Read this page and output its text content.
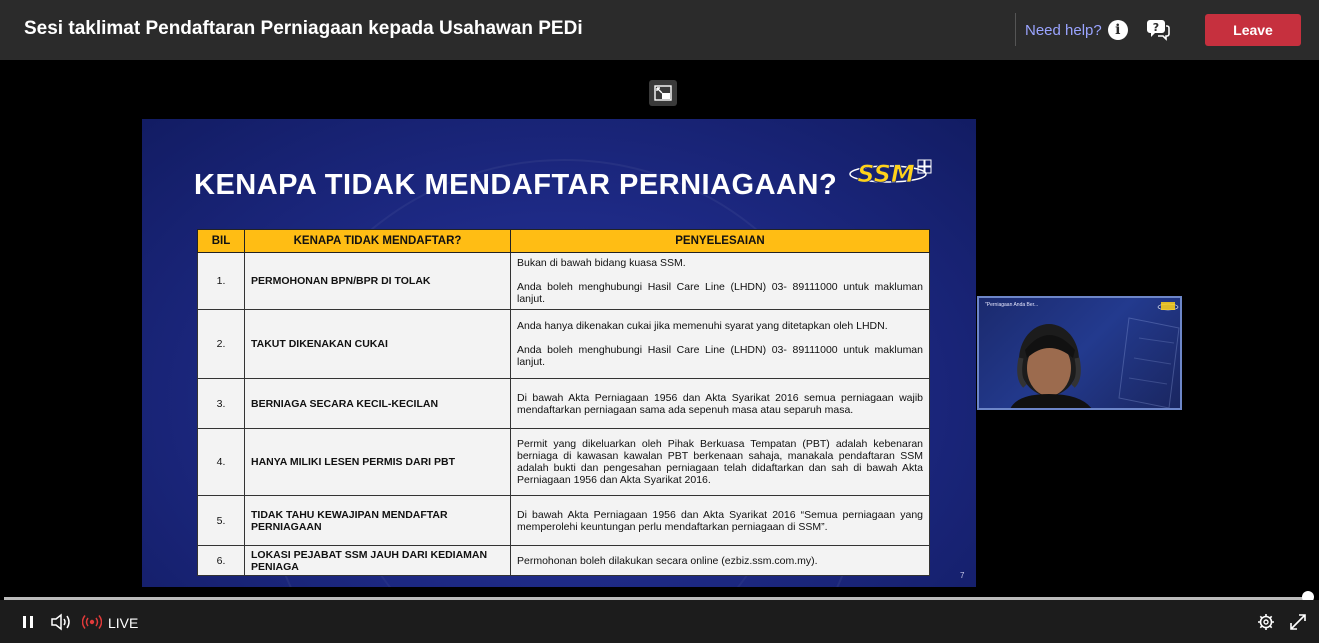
Sesi taklimat Pendaftaran Perniagaan kepada Usahawan PEDi	Need help? i	?	Leave
KENAPA TIDAK MENDAFTAR PERNIAGAAN? SSM
BIL	KENAPA TIDAK MENDAFTAR?	PENYELESAIAN
1.	PERMOHONAN BPN/BPR DI TOLAK	Bukan di bawah bidang kuasa SSM.

Anda boleh menghubungi Hasil Care Line (LHDN) 03- 89111000 untuk makluman lanjut.

2.	TAKUT DIKENAKAN CUKAI	Anda hanya dikenakan cukai jika memenuhi syarat yang ditetapkan oleh LHDN.

Anda boleh menghubungi Hasil Care Line (LHDN) 03- 89111000 untuk makluman lanjut.

3.	BERNIAGA SECARA KECIL-KECILAN	Di bawah Akta Perniagaan 1956 dan Akta Syarikat 2016 semua perniagaan wajib mendaftarkan perniagaan sama ada sepenuh masa atau separuh masa.

4.	HANYA MILIKI LESEN PERMIS DARI PBT	Permit yang dikeluarkan oleh Pihak Berkuasa Tempatan (PBT) adalah kebenaran berniaga di kawasan kawalan PBT berkenaan sahaja, manakala pendaftaran SSM adalah bukti dan pengesahan perniagaan telah didaftarkan dan sah di bawah Akta Perniagaan 1956 dan Akta Syarikat 2016.

5.	TIDAK TAHU KEWAJIPAN MENDAFTAR PERNIAGAAN	Di bawah Akta Perniagaan 1956 dan Akta Syarikat 2016 “Semua perniagaan yang memperolehi keuntungan perlu mendaftarkan perniagaan di SSM”.

6.	LOKASI PEJABAT SSM JAUH DARI KEDIAMAN PENIAGA	Permohonan boleh dilakukan secara online (ezbiz.ssm.com.my).

7
"Perniagaan Anda Ber...
LIVE
